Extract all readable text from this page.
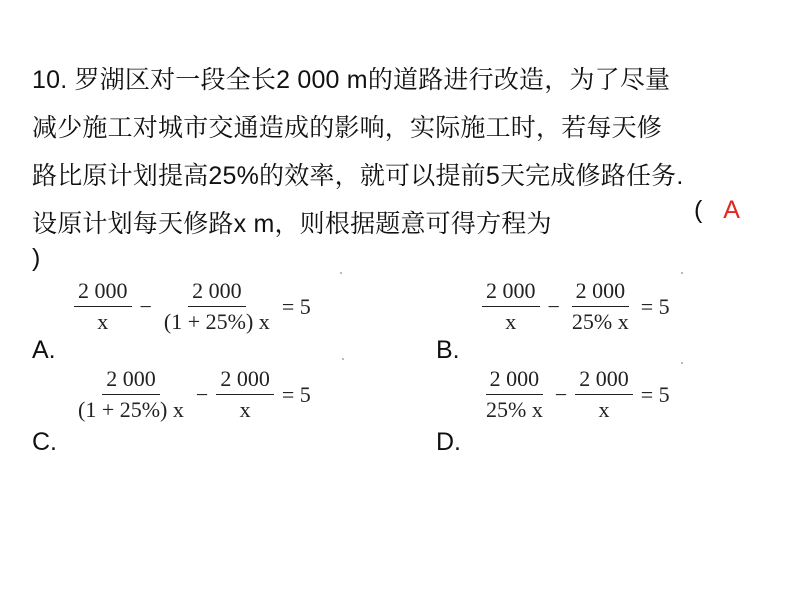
10. 罗湖区对一段全长2 000 m的道路进行改造，为了尽量
减少施工对城市交通造成的影响，实际施工时，若每天修
路比原计划提高25%的效率，就可以提前5天完成修路任务.
设原计划每天修路x m，则根据题意可得方程为	( A
)
$\frac{2 000}{x} - \frac{2 000}{(1 + 25\%) x} = 5$
A.
$\frac{2 000}{x} - \frac{2 000}{25\% x} = 5$
B.
$\frac{2 000}{(1 + 25\%) x} - \frac{2 000}{x} = 5$
C.
$\frac{2 000}{25\% x} - \frac{2 000}{x} = 5$
D.
